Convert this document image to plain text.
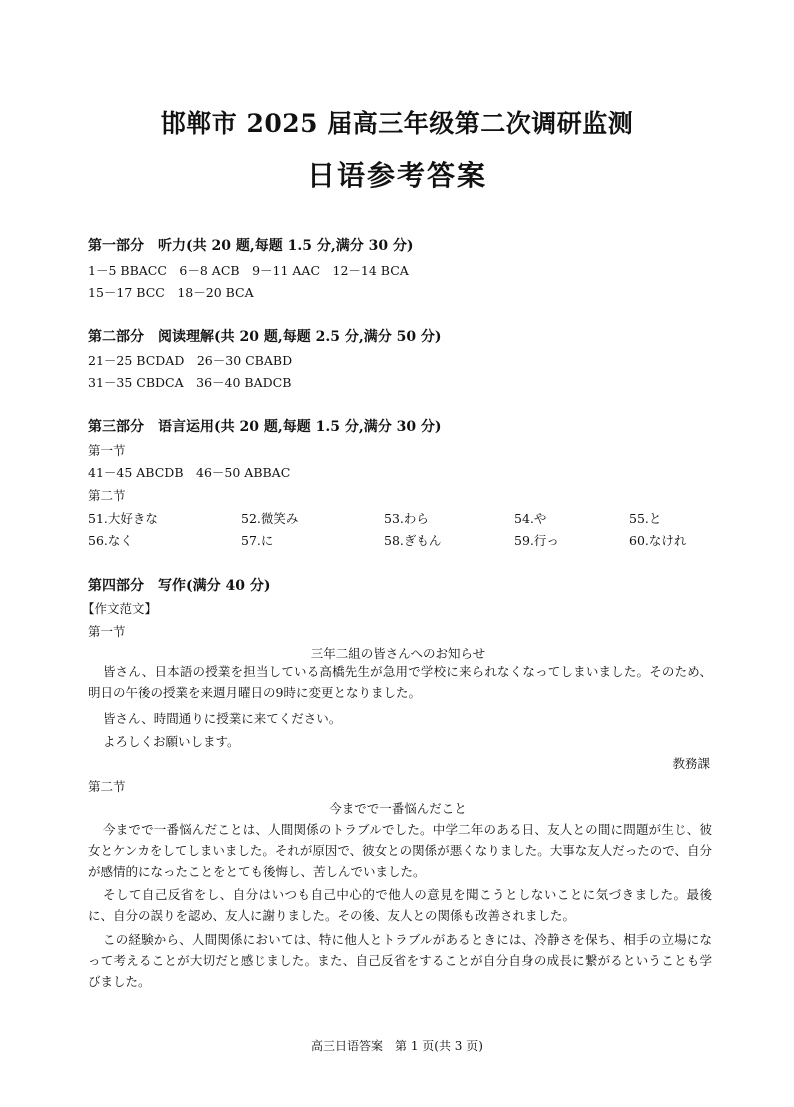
邯郸市 2025 届高三年级第二次调研监测
日语参考答案
第一部分　听力(共 20 题,每题 1.5 分,满分 30 分)
1－5 BBACC　6－8 ACB　9－11 AAC　12－14 BCA
15－17 BCC　18－20 BCA
第二部分　阅读理解(共 20 题,每题 2.5 分,满分 50 分)
21－25 BCDAD　26－30 CBABD
31－35 CBDCA　36－40 BADCB
第三部分　语言运用(共 20 题,每题 1.5 分,满分 30 分)
第一节
41－45 ABCDB　46－50 ABBAC
第二节
51.大好きな	52.微笑み	53.わら	54.や	55.と
56.なく	57.に	58.ぎもん	59.行っ	60.なけれ
第四部分　写作(满分 40 分)
【作文范文】
第一节
三年二組の皆さんへのお知らせ

皆さん、日本語の授業を担当している高橋先生が急用で学校に来られなくなってしまいました。そのため、明日の午後の授業を来週月曜日の9時に変更となりました。

皆さん、時間通りに授業に来てください。

よろしくお願いします。

教務課
第二节
今までで一番悩んだこと

今までで一番悩んだことは、人間関係のトラブルでした。中学二年のある日、友人との間に問題が生じ、彼女とケンカをしてしまいました。それが原因で、彼女との関係が悪くなりました。大事な友人だったので、自分が感情的になったことをとても後悔し、苦しんでいました。

そして自己反省をし、自分はいつも自己中心的で他人の意見を聞こうとしないことに気づきました。最後に、自分の誤りを認め、友人に謝りました。その後、友人との関係も改善されました。

この経験から、人間関係においては、特に他人とトラブルがあるときには、冷静さを保ち、相手の立場になって考えることが大切だと感じました。また、自己反省をすることが自分自身の成長に繋がるということも学びました。

高三日语答案　第 1 页(共 3 页)
